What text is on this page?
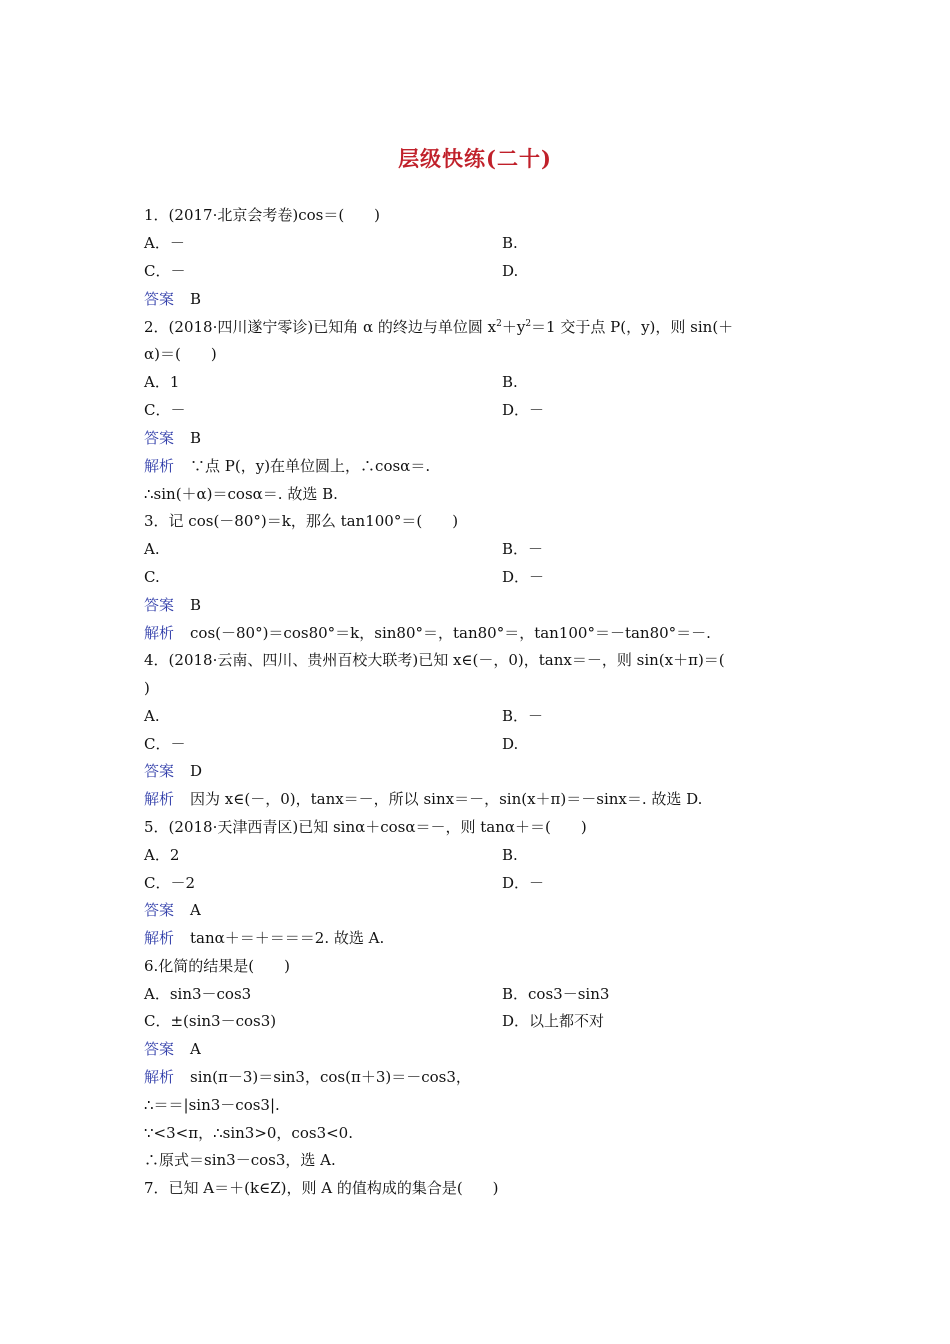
层级快练(二十)
1．(2017·北京会考卷)cos＝(　　)
A．－	B.
C．－	D.
答案 B
2．(2018·四川遂宁零诊)已知角 α 的终边与单位圆 $x^2+y^2=1$ 交于点 P(，y)，则 sin(＋
α)＝(　　)
A．1	B.
C．－	D．－
答案 B
解析 ∵点 P(，y)在单位圆上，∴cosα＝.
∴sin(＋α)＝cosα＝. 故选 B.
3．记 cos(－80°)＝k，那么 tan100°＝(　　)
A.	B．－
C.	D．－
答案 B
解析 cos(－80°)＝cos80°＝k，sin80°＝，tan80°＝，tan100°＝－tan80°＝－.
4．(2018·云南、四川、贵州百校大联考)已知 x∈(－，0)，tanx＝－，则 sin(x＋π)＝(
)
A.	B．－
C．－	D.
答案 D
解析 因为 x∈(－，0)，tanx＝－，所以 sinx＝－，sin(x＋π)＝－sinx＝. 故选 D.
5．(2018·天津西青区)已知 sinα＋cosα＝－，则 tanα＋＝(　　)
A．2	B.
C．－2	D．－
答案 A
解析 tanα＋＝＋＝＝＝2. 故选 A.
6.化简的结果是(　　)
A．sin3－cos3	B．cos3－sin3
C．±(sin3－cos3)	D．以上都不对
答案 A
解析 sin(π－3)＝sin3，cos(π＋3)＝－cos3，
∴＝＝|sin3－cos3|.
∵<3<π，∴sin3>0，cos3<0.
∴原式＝sin3－cos3，选 A.
7．已知 A＝＋(k∈Z)，则 A 的值构成的集合是(　　)
